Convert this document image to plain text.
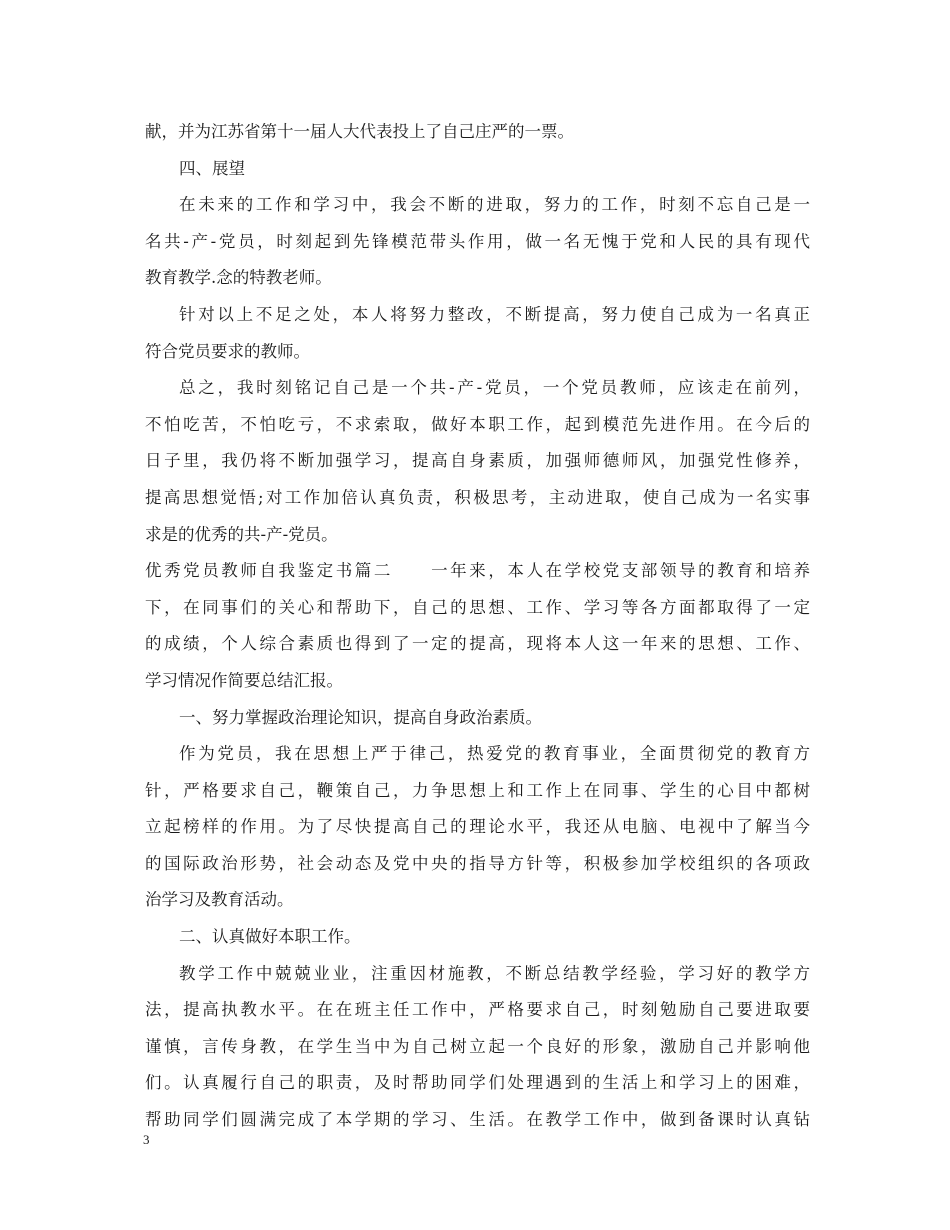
献，并为江苏省第十一届人大代表投上了自己庄严的一票。
四、展望
在未来的工作和学习中，我会不断的进取，努力的工作，时刻不忘自己是一
名共-产-党员，时刻起到先锋模范带头作用，做一名无愧于党和人民的具有现代
教育教学.念的特教老师。
针对以上不足之处，本人将努力整改，不断提高，努力使自己成为一名真正
符合党员要求的教师。
总之，我时刻铭记自己是一个共-产-党员，一个党员教师，应该走在前列，
不怕吃苦，不怕吃亏，不求索取，做好本职工作，起到模范先进作用。在今后的
日子里，我仍将不断加强学习，提高自身素质，加强师德师风，加强党性修养，
提高思想觉悟;对工作加倍认真负责，积极思考，主动进取，使自己成为一名实事
求是的优秀的共-产-党员。
优秀党员教师自我鉴定书篇二　　一年来，本人在学校党支部领导的教育和培养
下，在同事们的关心和帮助下，自己的思想、工作、学习等各方面都取得了一定
的成绩，个人综合素质也得到了一定的提高，现将本人这一年来的思想、工作、
学习情况作简要总结汇报。
一、努力掌握政治理论知识，提高自身政治素质。
作为党员，我在思想上严于律己，热爱党的教育事业，全面贯彻党的教育方
针，严格要求自己，鞭策自己，力争思想上和工作上在同事、学生的心目中都树
立起榜样的作用。为了尽快提高自己的理论水平，我还从电脑、电视中了解当今
的国际政治形势，社会动态及党中央的指导方针等，积极参加学校组织的各项政
治学习及教育活动。
二、认真做好本职工作。
教学工作中兢兢业业，注重因材施教，不断总结教学经验，学习好的教学方
法，提高执教水平。在在班主任工作中，严格要求自己，时刻勉励自己要进取要
谨慎，言传身教，在学生当中为自己树立起一个良好的形象，激励自己并影响他
们。认真履行自己的职责，及时帮助同学们处理遇到的生活上和学习上的困难，
帮助同学们圆满完成了本学期的学习、生活。在教学工作中，做到备课时认真钻
3
